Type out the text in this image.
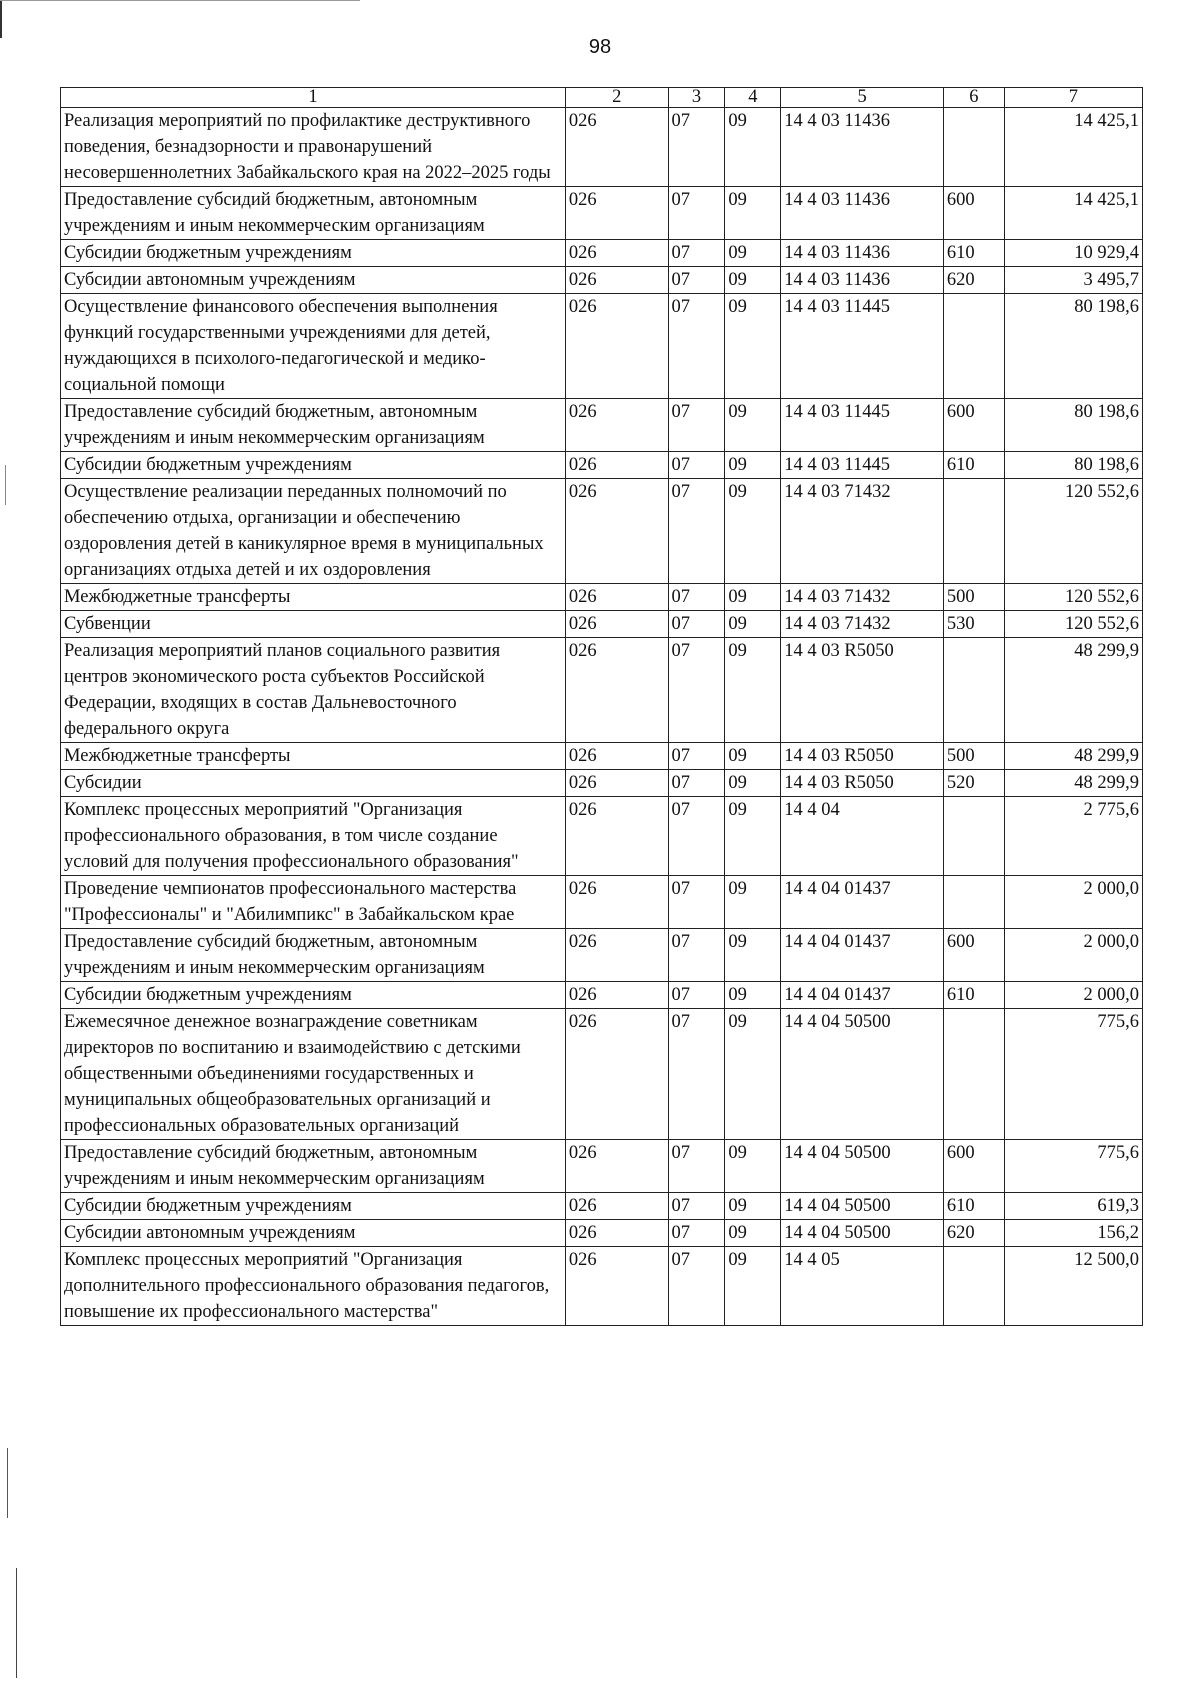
98
1	2	3	4	5	6	7
Реализация мероприятий по профилактике деструктивного поведения, безнадзорности и правонарушений несовершеннолетних Забайкальского края на 2022–2025 годы	026	07	09	14 4 03 11436		14 425,1
Предоставление субсидий бюджетным, автономным учреждениям и иным некоммерческим организациям	026	07	09	14 4 03 11436	600	14 425,1
Субсидии бюджетным учреждениям	026	07	09	14 4 03 11436	610	10 929,4
Субсидии автономным учреждениям	026	07	09	14 4 03 11436	620	3 495,7
Осуществление финансового обеспечения выполнения функций государственными учреждениями для детей, нуждающихся в психолого-педагогической и медико-социальной помощи	026	07	09	14 4 03 11445		80 198,6
Предоставление субсидий бюджетным, автономным учреждениям и иным некоммерческим организациям	026	07	09	14 4 03 11445	600	80 198,6
Субсидии бюджетным учреждениям	026	07	09	14 4 03 11445	610	80 198,6
Осуществление реализации переданных полномочий по обеспечению отдыха, организации и обеспечению оздоровления детей в каникулярное время в муниципальных организациях отдыха детей и их оздоровления	026	07	09	14 4 03 71432		120 552,6
Межбюджетные трансферты	026	07	09	14 4 03 71432	500	120 552,6
Субвенции	026	07	09	14 4 03 71432	530	120 552,6
Реализация мероприятий планов социального развития центров экономического роста субъектов Российской Федерации, входящих в состав Дальневосточного федерального округа	026	07	09	14 4 03 R5050		48 299,9
Межбюджетные трансферты	026	07	09	14 4 03 R5050	500	48 299,9
Субсидии	026	07	09	14 4 03 R5050	520	48 299,9
Комплекс процессных мероприятий "Организация профессионального образования, в том числе создание условий для получения профессионального образования"	026	07	09	14 4 04		2 775,6
Проведение чемпионатов профессионального мастерства "Профессионалы" и "Абилимпикс" в Забайкальском крае	026	07	09	14 4 04 01437		2 000,0
Предоставление субсидий бюджетным, автономным учреждениям и иным некоммерческим организациям	026	07	09	14 4 04 01437	600	2 000,0
Субсидии бюджетным учреждениям	026	07	09	14 4 04 01437	610	2 000,0
Ежемесячное денежное вознаграждение советникам директоров по воспитанию и взаимодействию с детскими общественными объединениями государственных и муниципальных общеобразовательных организаций и профессиональных образовательных организаций	026	07	09	14 4 04 50500		775,6
Предоставление субсидий бюджетным, автономным учреждениям и иным некоммерческим организациям	026	07	09	14 4 04 50500	600	775,6
Субсидии бюджетным учреждениям	026	07	09	14 4 04 50500	610	619,3
Субсидии автономным учреждениям	026	07	09	14 4 04 50500	620	156,2
Комплекс процессных мероприятий "Организация дополнительного профессионального образования педагогов, повышение их профессионального мастерства"	026	07	09	14 4 05		12 500,0
